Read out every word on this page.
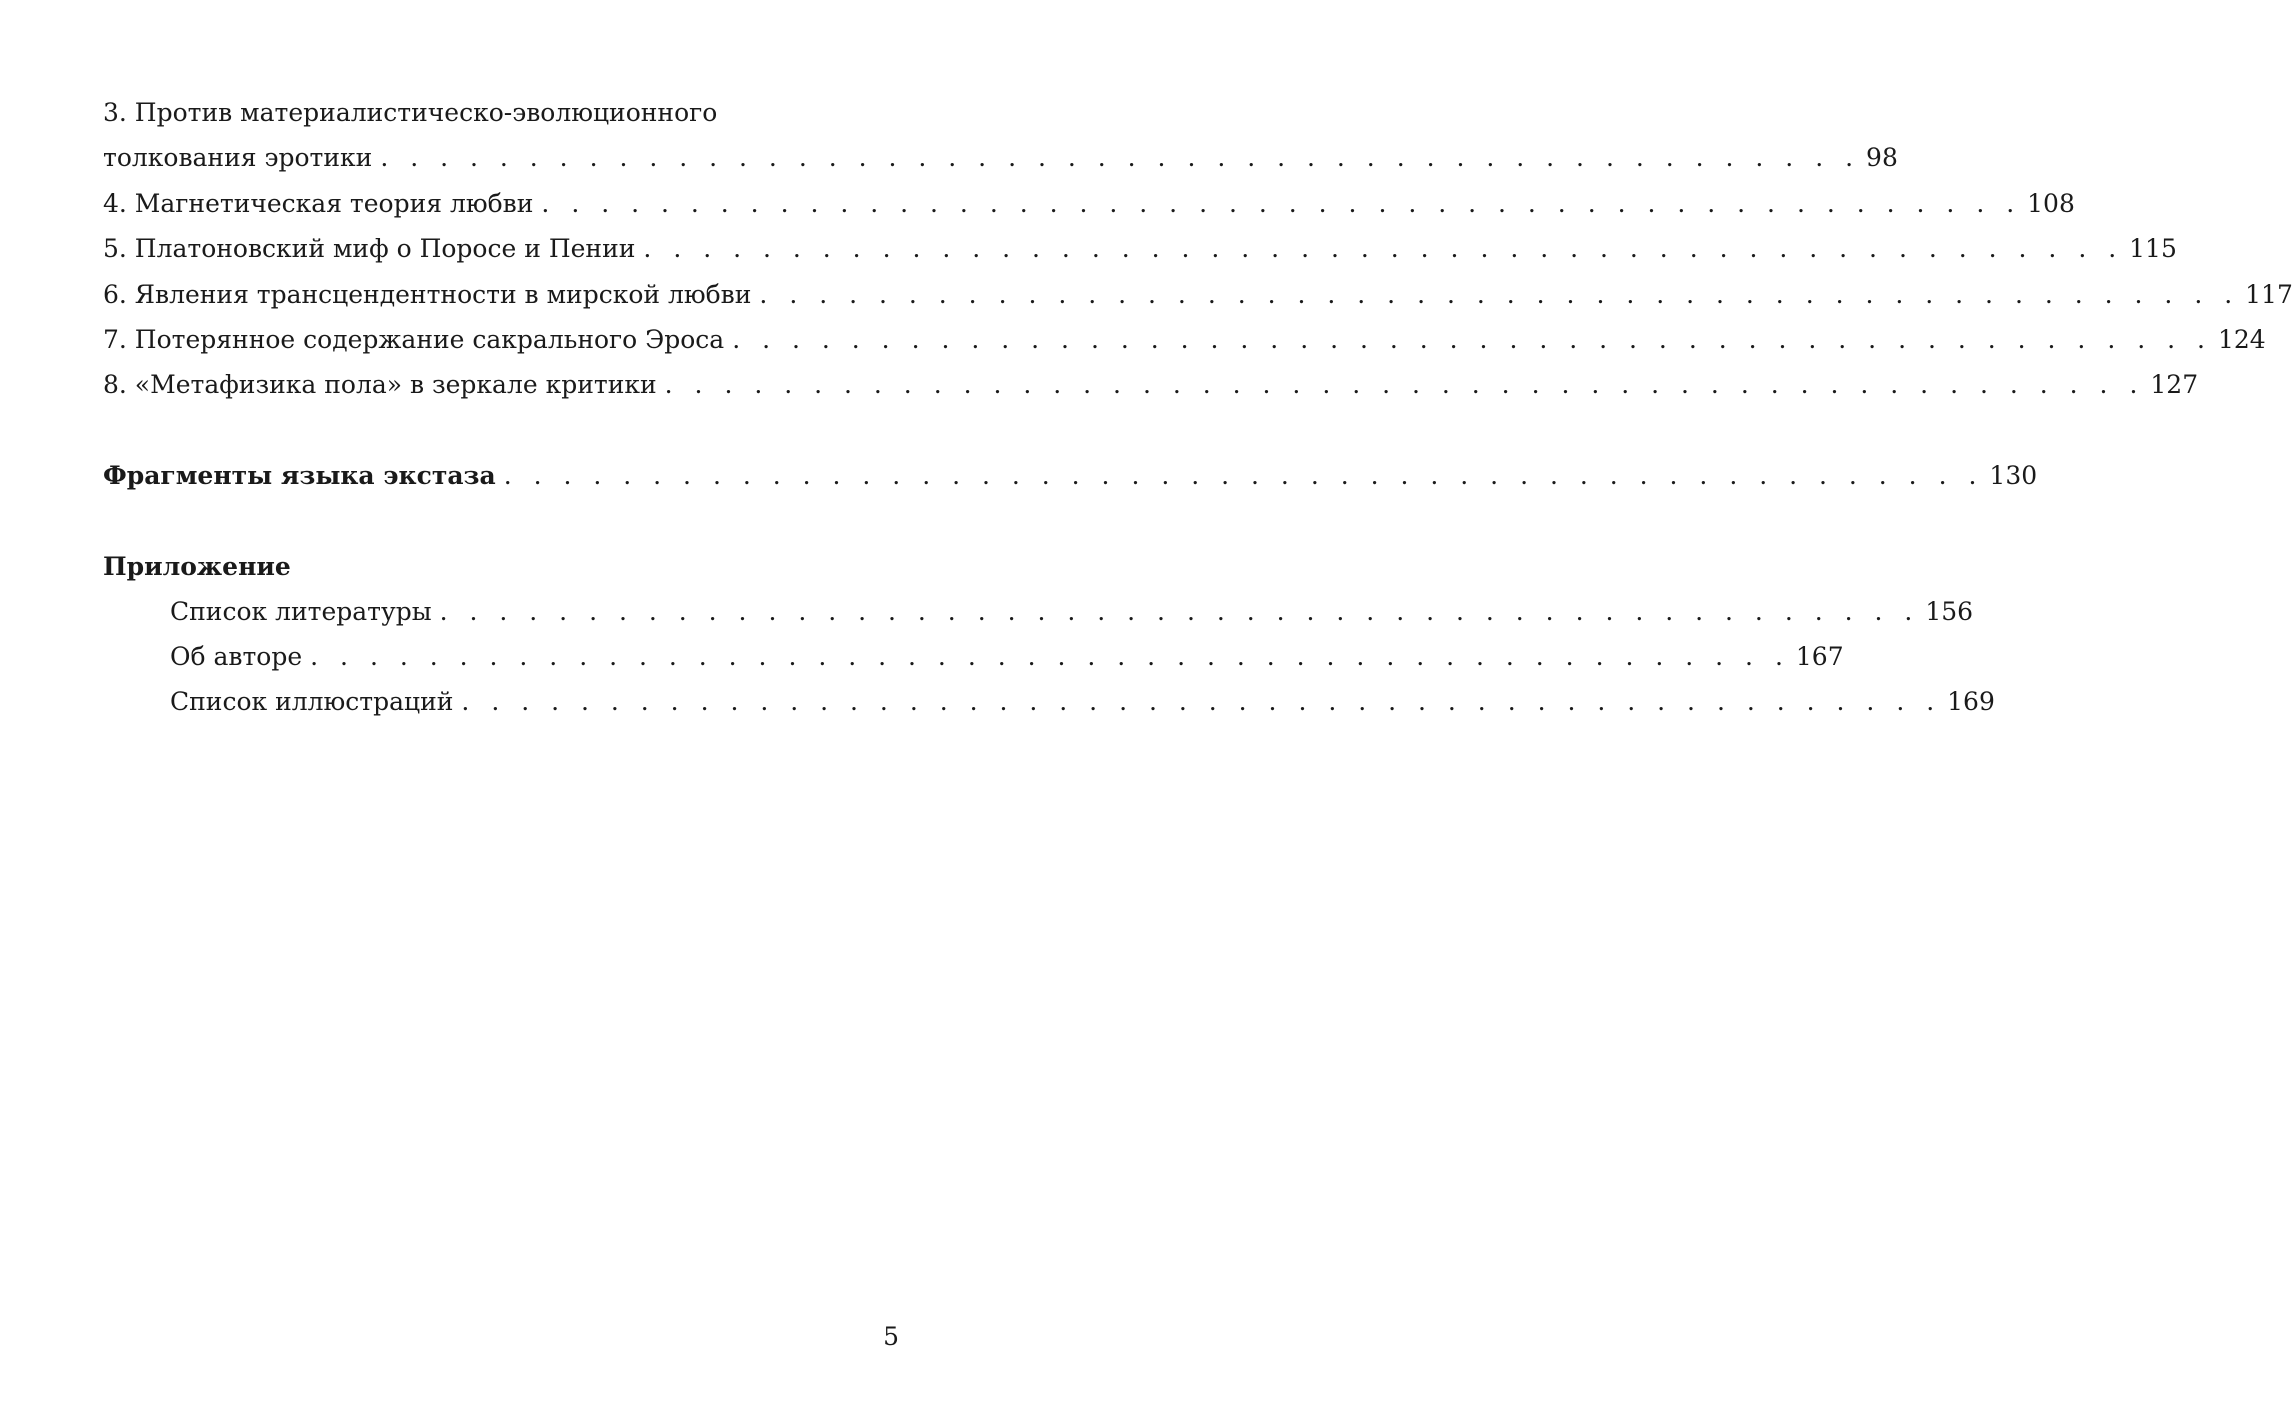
3. Против материалистическо-эволюционного
толкования эротики . . . . . . . . . . . . . . . . . . . . . . . . . . . . . . . . . . . . . . . . . . . . . . . . . . 98
4. Магнетическая теория любви . . . . . . . . . . . . . . . . . . . . . . . . . . . . . . . . . . . . . . . . . . . . . . . . . . 108
5. Платоновский миф о Поросе и Пении . . . . . . . . . . . . . . . . . . . . . . . . . . . . . . . . . . . . . . . . . . . . . . . . . . 115
6. Явления трансцендентности в мирской любви . . . . . . . . . . . . . . . . . . . . . . . . . . . . . . . . . . . . . . . . . . . . . . . . . . 117
7. Потерянное содержание сакрального Эроса . . . . . . . . . . . . . . . . . . . . . . . . . . . . . . . . . . . . . . . . . . . . . . . . . . 124
8. «Метафизика пола» в зеркале критики . . . . . . . . . . . . . . . . . . . . . . . . . . . . . . . . . . . . . . . . . . . . . . . . . . 127
Фрагменты языка экстаза . . . . . . . . . . . . . . . . . . . . . . . . . . . . . . . . . . . . . . . . . . . . . . . . . . 130
Приложение
Список литературы . . . . . . . . . . . . . . . . . . . . . . . . . . . . . . . . . . . . . . . . . . . . . . . . . . 156
Об авторе . . . . . . . . . . . . . . . . . . . . . . . . . . . . . . . . . . . . . . . . . . . . . . . . . . 167
Список иллюстраций . . . . . . . . . . . . . . . . . . . . . . . . . . . . . . . . . . . . . . . . . . . . . . . . . . 169
5
